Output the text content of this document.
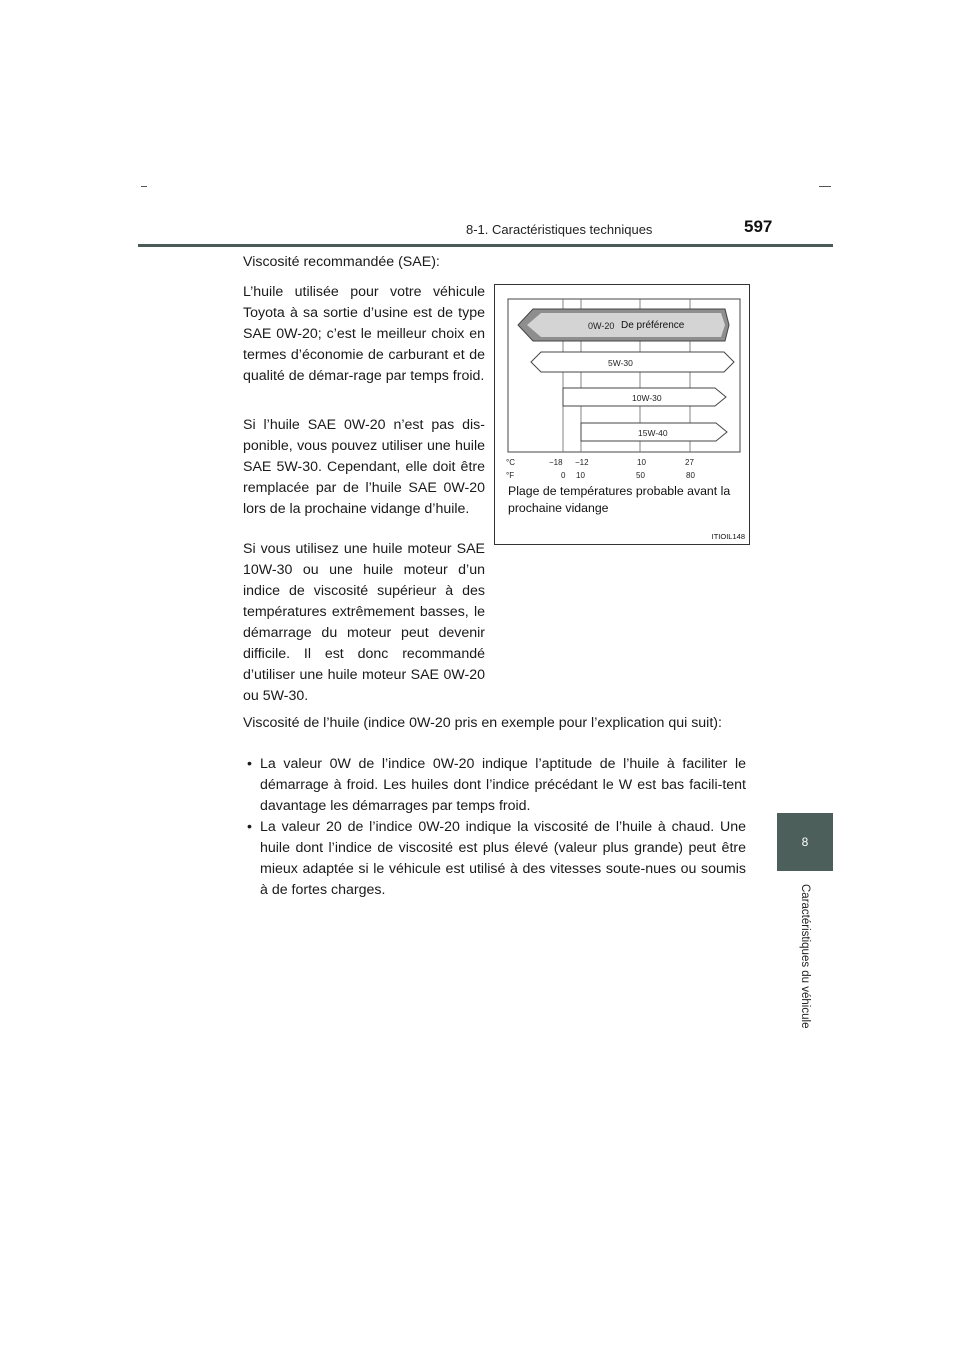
8-1. Caractéristiques techniques	597
8
Caractéristiques du véhicule

Viscosité recommandée (SAE):

L’huile utilisée pour votre véhicule Toyota à sa sortie d’usine est de type SAE 0W-20; c’est le meilleur choix en termes d’économie de carburant et de qualité de démar-rage par temps froid.

Si l’huile SAE 0W-20 n’est pas dis-ponible, vous pouvez utiliser une huile SAE 5W-30. Cependant, elle doit être remplacée par de l’huile SAE 0W-20 lors de la prochaine vidange d’huile.

Si vous utilisez une huile moteur SAE 10W-30 ou une huile moteur d’un indice de viscosité supérieur à des températures extrêmement basses, le démarrage du moteur peut devenir difficile. Il est donc recommandé d’utiliser une huile moteur SAE 0W-20 ou 5W-30.

Viscosité de l’huile (indice 0W-20 pris en exemple pour l’explication qui suit):

• La valeur 0W de l’indice 0W-20 indique l’aptitude de l’huile à faciliter le démarrage à froid. Les huiles dont l’indice précédant le W est bas facili-tent davantage les démarrages par temps froid.
• La valeur 20 de l’indice 0W-20 indique la viscosité de l’huile à chaud. Une huile dont l’indice de viscosité est plus élevé (valeur plus grande) peut être mieux adaptée si le véhicule est utilisé à des vitesses soute-nues ou soumis à de fortes charges.
0W-20 De préférence
5W-30
10W-30
15W-40
°C
°F
−18 −12	10	27
0 10	50	80
Plage de températures probable avant la prochaine vidange
ITIOIL148
